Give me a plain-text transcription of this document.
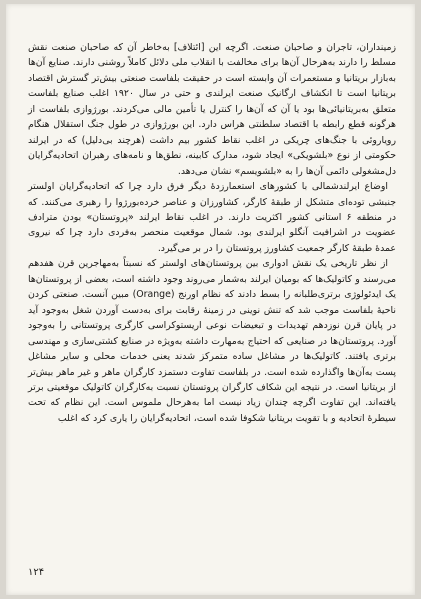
زمینداران، تاجران و صاحبان صنعت. اگرچه این [ائتلاف] به‌خاطر آن که صاحبان صنعت نقش مسلط را دارند به‌هرحال آن‌ها برای مخالفت با انقلاب ملی دلائل کاملاً روشنی دارند. صنایع آن‌ها به‌بازار بریتانیا و مستعمرات آن وابسته است در حقیقت بلفاست صنعتی بیش‌تر گسترش اقتصاد بریتانیا است تا انکشاف ارگانیک صنعت ایرلندی و حتی در سال ۱۹۲۰ اغلب صنایع بلفاست متعلق به‌بریتانیائی‌ها بود یا آن که آن‌ها را کنترل یا تأمین مالی می‌کردند. بورژوازی بلفاست از هرگونه قطع رابطه با اقتصاد سلطنتی هراس دارد. این بورژوازی در طول جنگ استقلال هنگام رویاروئی با جنگ‌های چریکی در اغلب نقاط کشور بیم داشت (هرچند بی‌دلیل) که در ایرلند حکومتی از نوع «بلشویکی» ایجاد شود، مدارک کابینه، نطق‌ها و نامه‌های رهبران اتحادیه‌گرایان دل‌مشغولی دائمی آن‌ها را به «بلشویسم» نشان می‌دهد.

اوضاع ایرلندشمالی با کشورهای استعمارزده‌ٔ دیگر فرق دارد چرا که اتحادیه‌گرایان اولستر جنبشی توده‌ای متشکل از طبقهٔ کارگر، کشاورزان و عناصر خرده‌بورژوا را رهبری می‌کنند. که در منطقه ۶ استانی کشور اکثریت دارند. در اغلب نقاط ایرلند «پروتستان» بودن مترادف عضویت در اشرافیت آنگلو ایرلندی بود. شمال موقعیت منحصر به‌فردی دارد چرا که نیروی عمدهٔ طبقهٔ کارگر جمعیت کشاورز پروتستان را در بر می‌گیرد.

از نظر تاریخی یک نقش ادواری بین پروتستان‌های اولستر که نسبتاً به‌مهاجرین قرن هفدهم می‌رسند و کاتولیک‌ها که بومیان ایرلند به‌شمار می‌روند وجود داشته است، بعضی از پروتستان‌ها یک ایدئولوژی برتری‌طلبانه را بسط دادند که نظام اورنج (Orange) مبین آنست. صنعتی کردن ناحیهٔ بلفاست موجب شد که تنش نوینی در زمینهٔ رقابت برای به‌دست آوردن شغل به‌وجود آید در پایان قرن نوزدهم تهدیدات و تبعیضات نوعی اریستوکراسی کارگری پروتستانی را به‌وجود آورد. پروتستان‌ها در صنایعی که احتیاج به‌مهارت داشته به‌ویژه در صنایع کشتی‌سازی و مهندسی برتری یافتند. کاتولیک‌ها در مشاغل ساده متمرکز شدند یعنی خدمات محلی و سایر مشاغل پست به‌آن‌ها واگذارده شده است. در بلفاست تفاوت دستمزد کارگران ماهر و غیر ماهر بیش‌تر از بریتانیا است. در نتیجه این شکاف کارگران پروتستان نسبت به‌کارگران کاتولیک موقعیتی برتر یافته‌اند. این تفاوت اگرچه چندان زیاد نیست اما به‌هرحال ملموس است. این نظام که تحت سیطرهٔ اتحادیه و با تقویت بریتانیا شکوفا شده است، اتحادیه‌گرایان را یاری کرد که اغلب

۱۲۴
